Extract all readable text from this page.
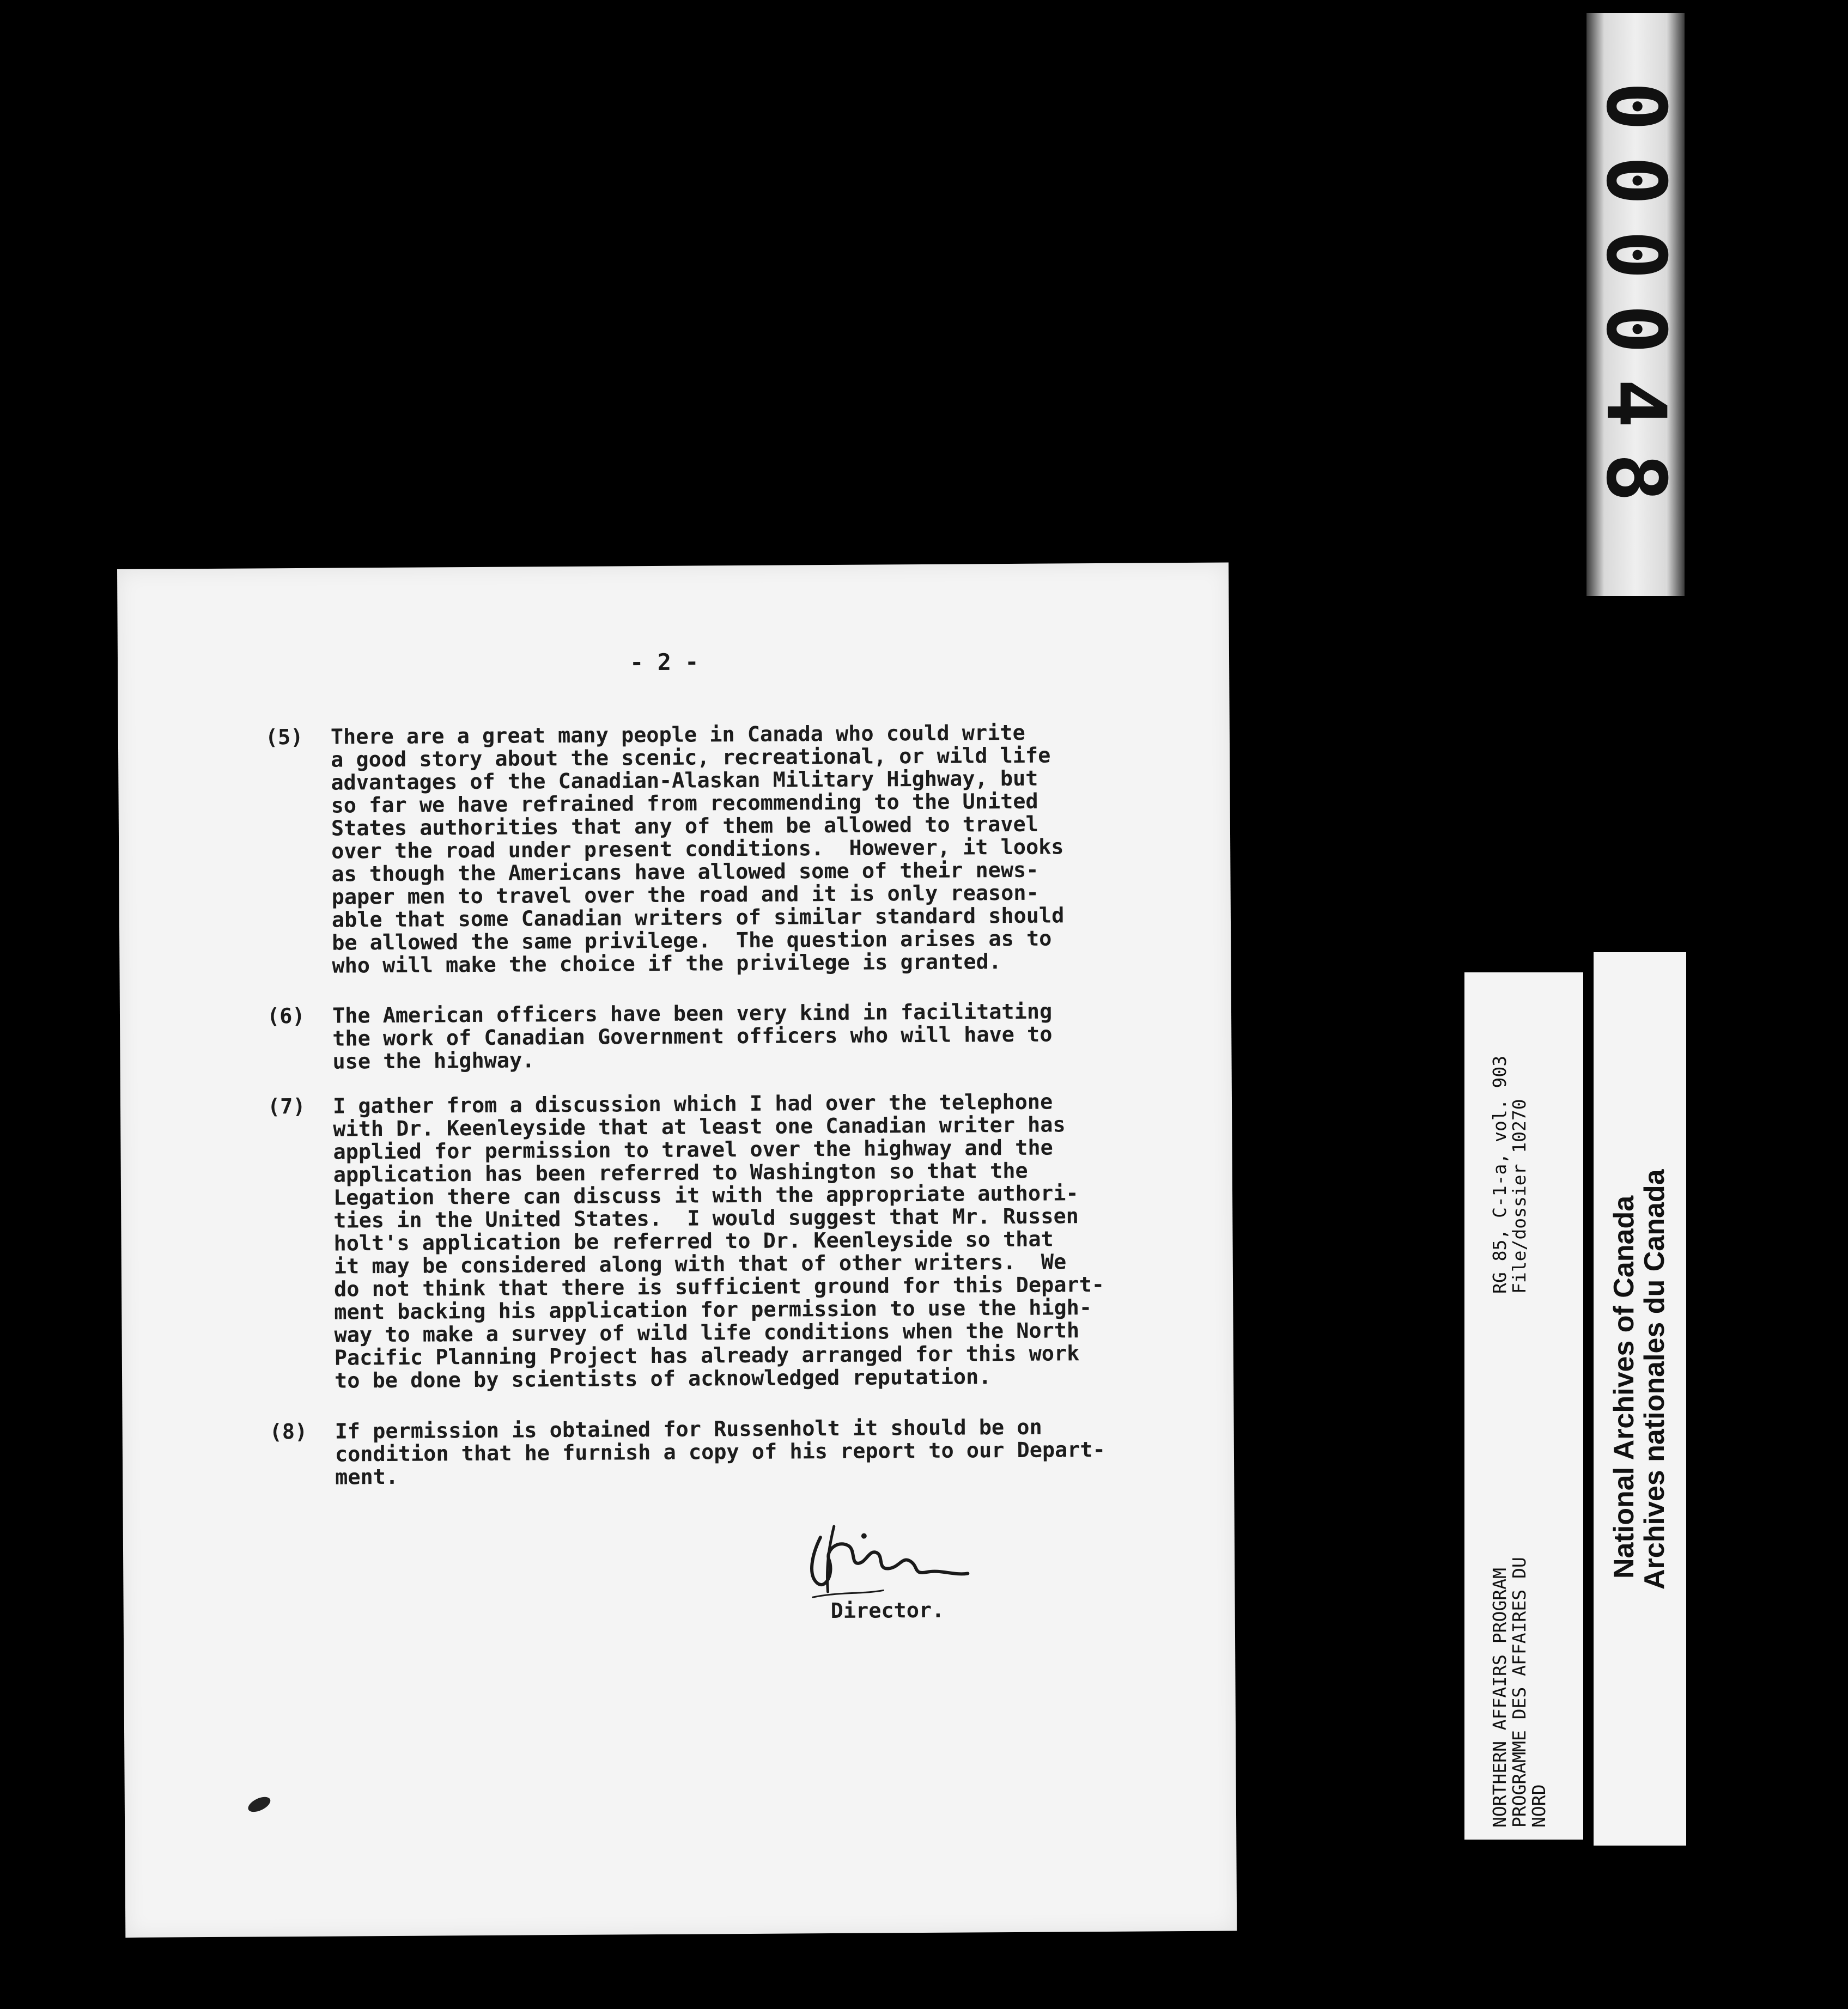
000048
- 2 -
(5) There are a great many people in Canada who could write
a good story about the scenic, recreational, or wild life
advantages of the Canadian-Alaskan Military Highway, but
so far we have refrained from recommending to the United
States authorities that any of them be allowed to travel
over the road under present conditions.  However, it looks
as though the Americans have allowed some of their news-
paper men to travel over the road and it is only reason-
able that some Canadian writers of similar standard should
be allowed the same privilege.  The question arises as to
who will make the choice if the privilege is granted.
(6) The American officers have been very kind in facilitating
the work of Canadian Government officers who will have to
use the highway.
(7) I gather from a discussion which I had over the telephone
with Dr. Keenleyside that at least one Canadian writer has
applied for permission to travel over the highway and the
application has been referred to Washington so that the
Legation there can discuss it with the appropriate authori-
ties in the United States.  I would suggest that Mr. Russen
holt's application be referred to Dr. Keenleyside so that
it may be considered along with that of other writers.  We
do not think that there is sufficient ground for this Depart-
ment backing his application for permission to use the high-
way to make a survey of wild life conditions when the North
Pacific Planning Project has already arranged for this work
to be done by scientists of acknowledged reputation.
(8) If permission is obtained for Russenholt it should be on
condition that he furnish a copy of his report to our Depart-
ment.
Director.	NORTHERN AFFAIRS PROGRAM
PROGRAMME DES AFFAIRES DU
NORD
RG 85, C-1-a, vol. 903
File/dossier 10270	National Archives of Canada
Archives nationales du Canada
